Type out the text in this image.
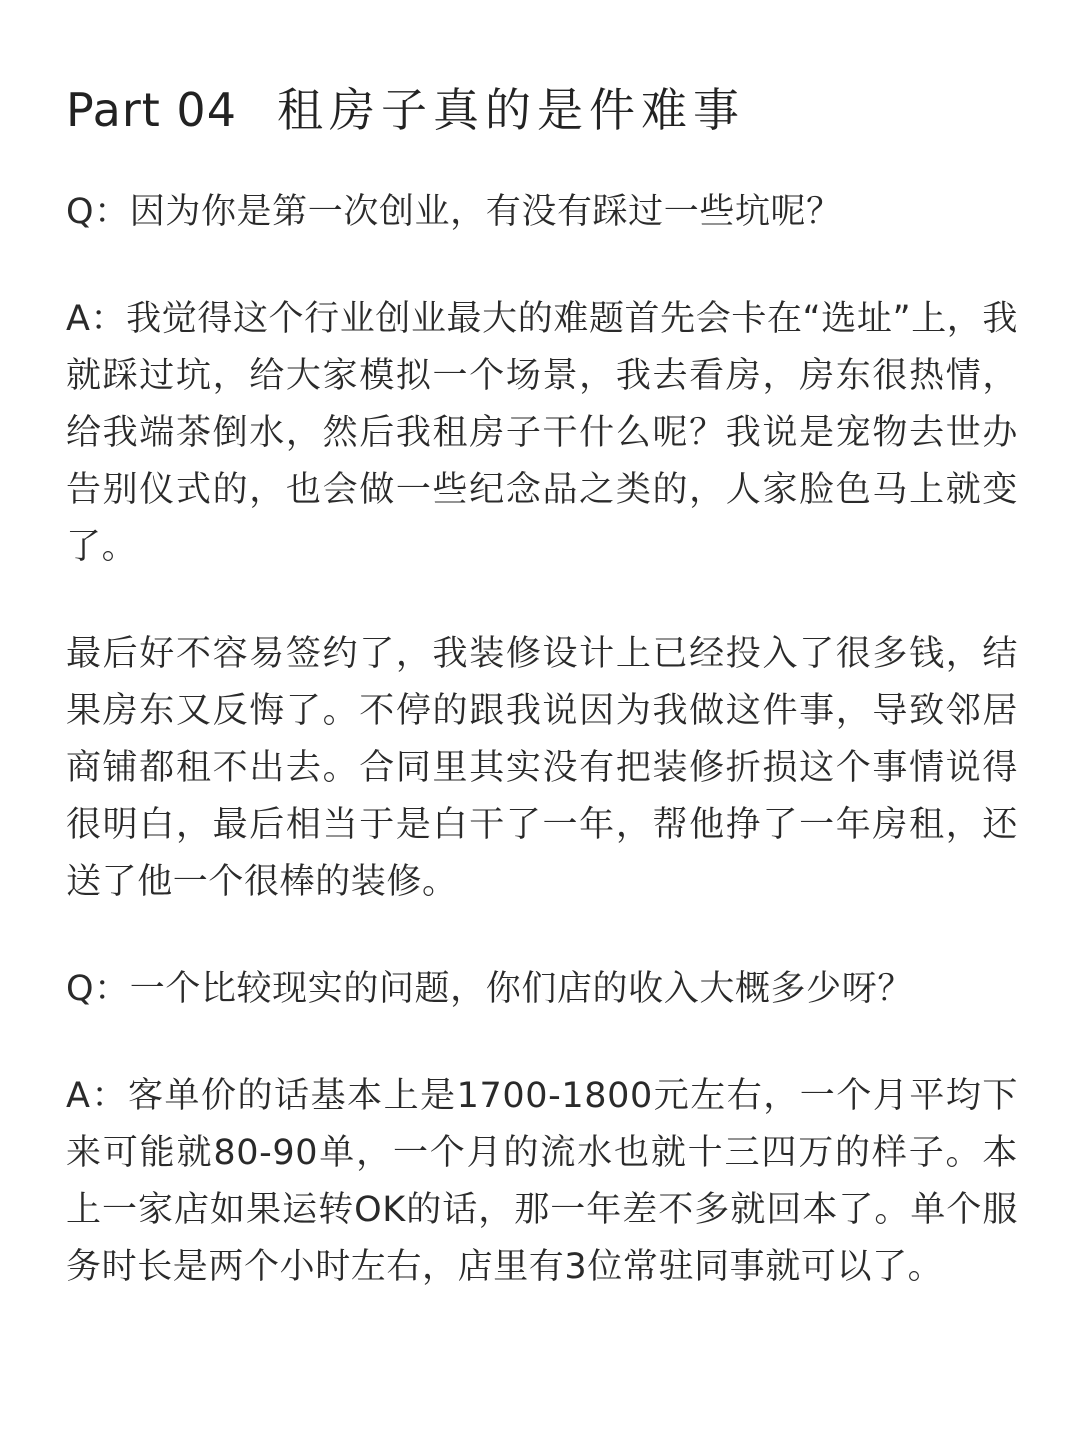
Part 04 租房子真的是件难事

Q：因为你是第一次创业，有没有踩过一些坑呢？

A：我觉得这个行业创业最大的难题首先会卡在“选址”上，我就踩过坑，给大家模拟一个场景，我去看房，房东很热情，给我端茶倒水，然后我租房子干什么呢？我说是宠物去世办告别仪式的，也会做一些纪念品之类的，人家脸色马上就变了。

最后好不容易签约了，我装修设计上已经投入了很多钱，结果房东又反悔了。不停的跟我说因为我做这件事，导致邻居商铺都租不出去。合同里其实没有把装修折损这个事情说得很明白，最后相当于是白干了一年，帮他挣了一年房租，还送了他一个很棒的装修。

Q：一个比较现实的问题，你们店的收入大概多少呀？

A：客单价的话基本上是1700-1800元左右，一个月平均下来可能就80-90单，一个月的流水也就十三四万的样子。本上一家店如果运转OK的话，那一年差不多就回本了。单个服务时长是两个小时左右，店里有3位常驻同事就可以了。
